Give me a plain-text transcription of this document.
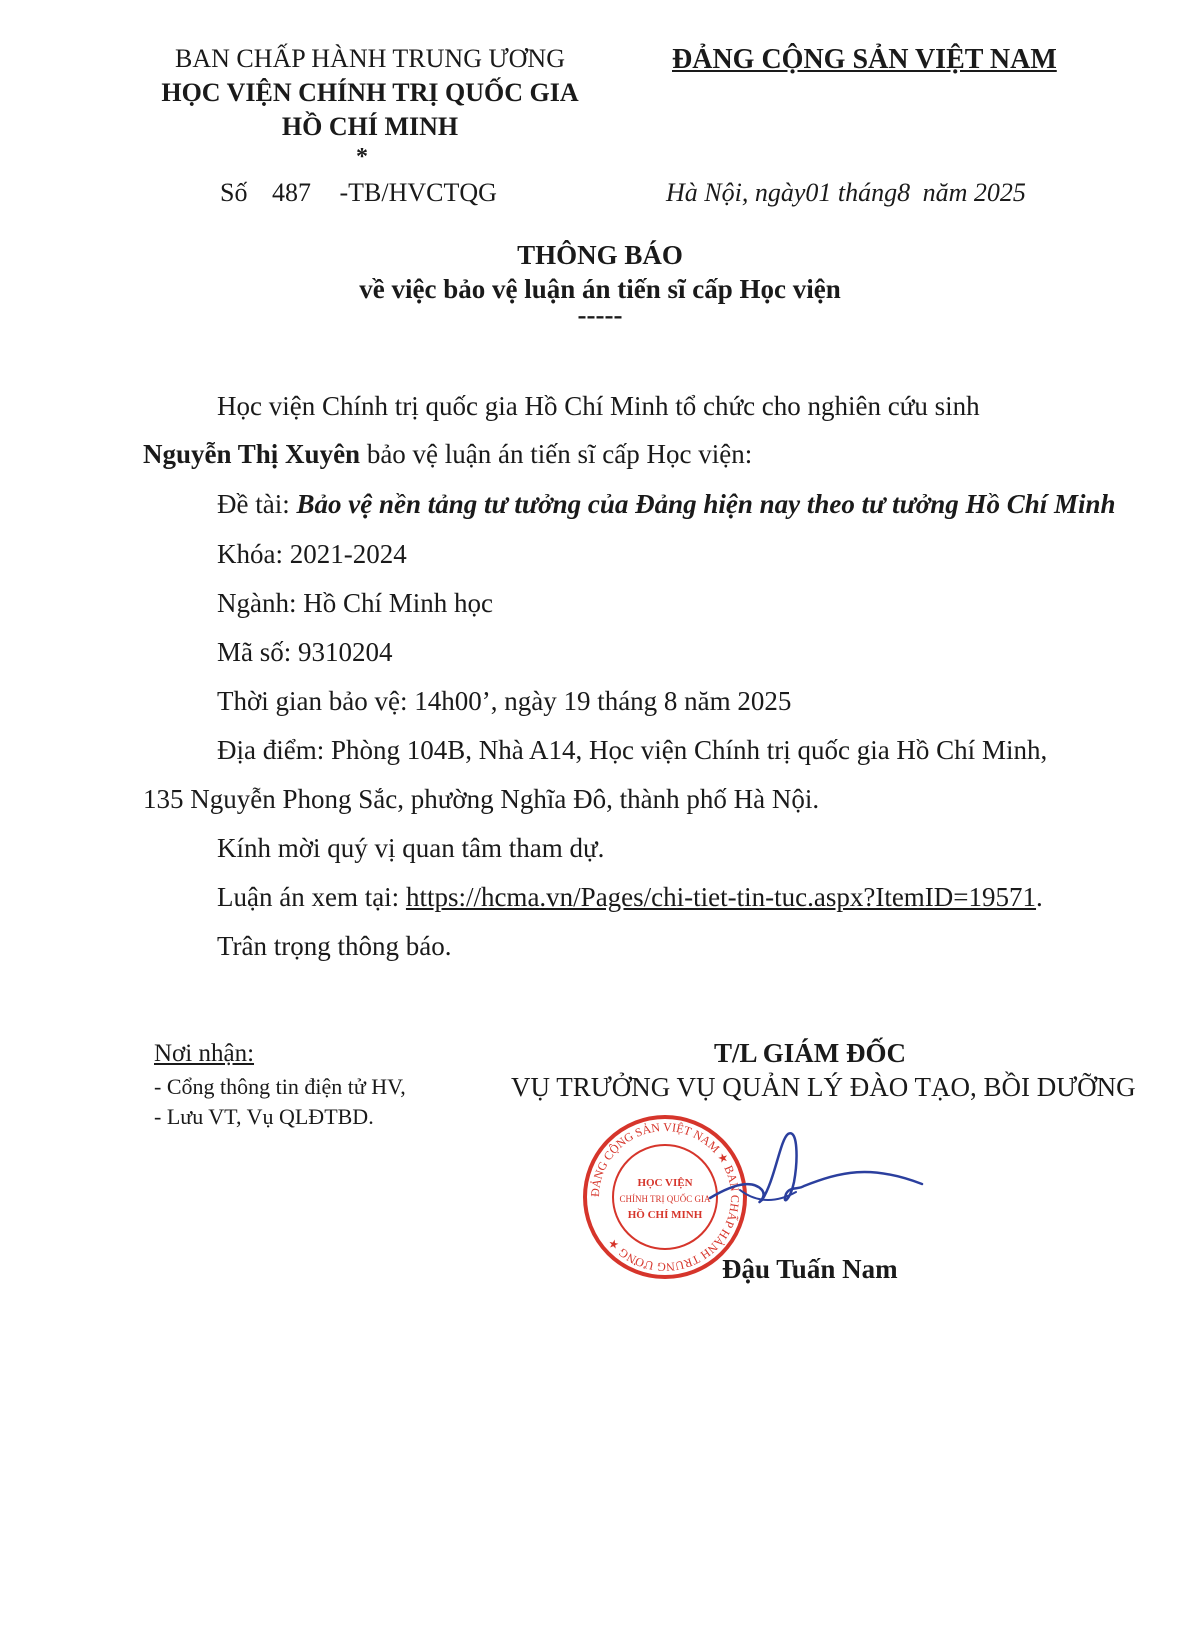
BAN CHẤP HÀNH TRUNG ƯƠNG
HỌC VIỆN CHÍNH TRỊ QUỐC GIA
HỒ CHÍ MINH
*
ĐẢNG CỘNG SẢN VIỆT NAM
Số 487 -TB/HVCTQG	Hà Nội, ngày01 tháng8 năm 2025
THÔNG BÁO
về việc bảo vệ luận án tiến sĩ cấp Học viện
-----
Học viện Chính trị quốc gia Hồ Chí Minh tổ chức cho nghiên cứu sinh
Nguyễn Thị Xuyên bảo vệ luận án tiến sĩ cấp Học viện:
Đề tài: Bảo vệ nền tảng tư tưởng của Đảng hiện nay theo tư tưởng Hồ Chí Minh
Khóa: 2021-2024
Ngành: Hồ Chí Minh học
Mã số: 9310204
Thời gian bảo vệ: 14h00’, ngày 19 tháng 8 năm 2025
Địa điểm: Phòng 104B, Nhà A14, Học viện Chính trị quốc gia Hồ Chí Minh,
135 Nguyễn Phong Sắc, phường Nghĩa Đô, thành phố Hà Nội.
Kính mời quý vị quan tâm tham dự.
Luận án xem tại: https://hcma.vn/Pages/chi-tiet-tin-tuc.aspx?ItemID=19571.
Trân trọng thông báo.
Nơi nhận:
- Cổng thông tin điện tử HV,
- Lưu VT, Vụ QLĐTBD.
T/L GIÁM ĐỐC
VỤ TRƯỞNG VỤ QUẢN LÝ ĐÀO TẠO, BỒI DƯỠNG
ĐẢNG CỘNG SẢN VIỆT NAM ★ BAN CHẤP HÀNH TRUNG ƯƠNG ★
HỌC VIỆN
CHÍNH TRỊ QUỐC GIA
HỒ CHÍ MINH
Đậu Tuấn Nam
